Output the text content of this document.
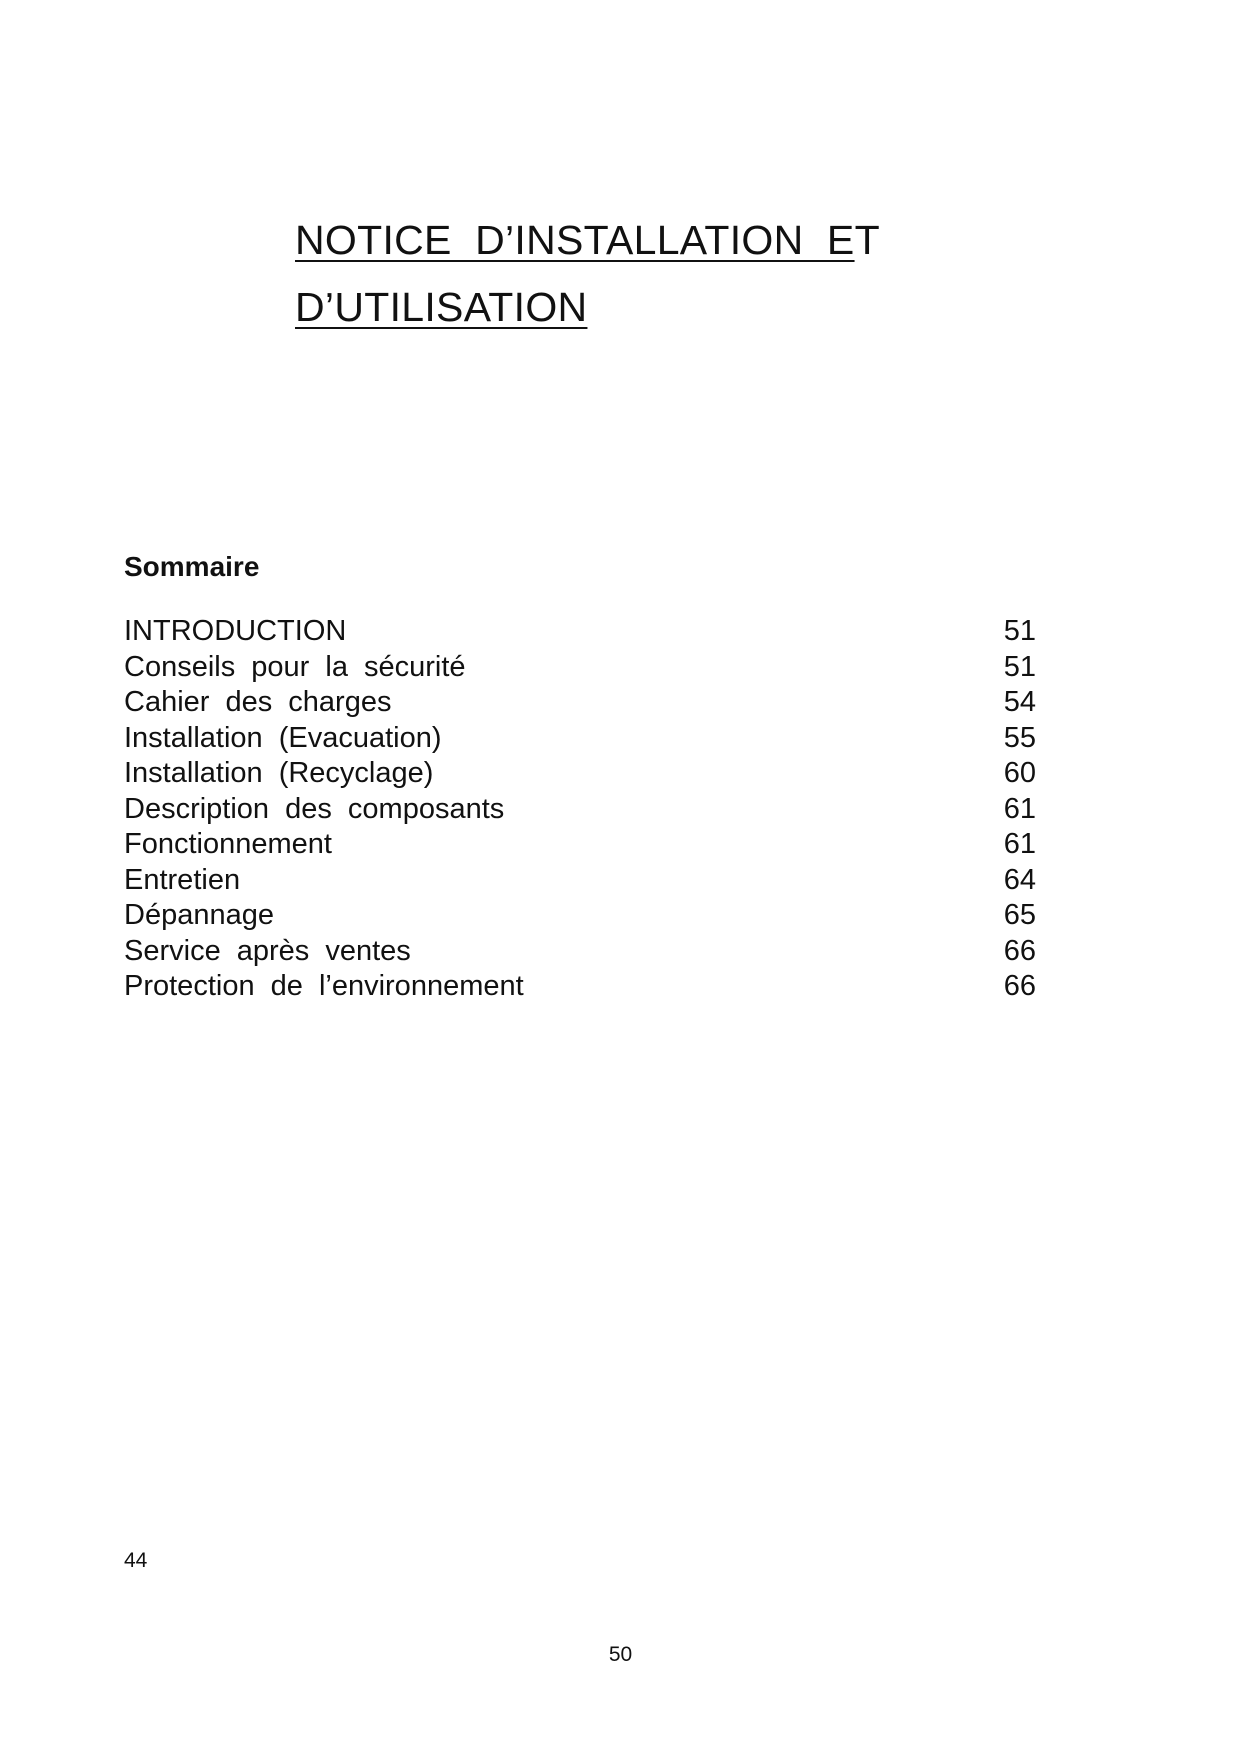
NOTICE  D’INSTALLATION  ET
D’UTILISATION
Sommaire
INTRODUCTION	51
Conseils pour la sécurité	51
Cahier des charges	54
Installation (Evacuation)	55
Installation (Recyclage)	60
Description des composants	61
Fonctionnement	61
Entretien	64
Dépannage	65
Service après ventes	66
Protection de l’environnement	66
44
50
